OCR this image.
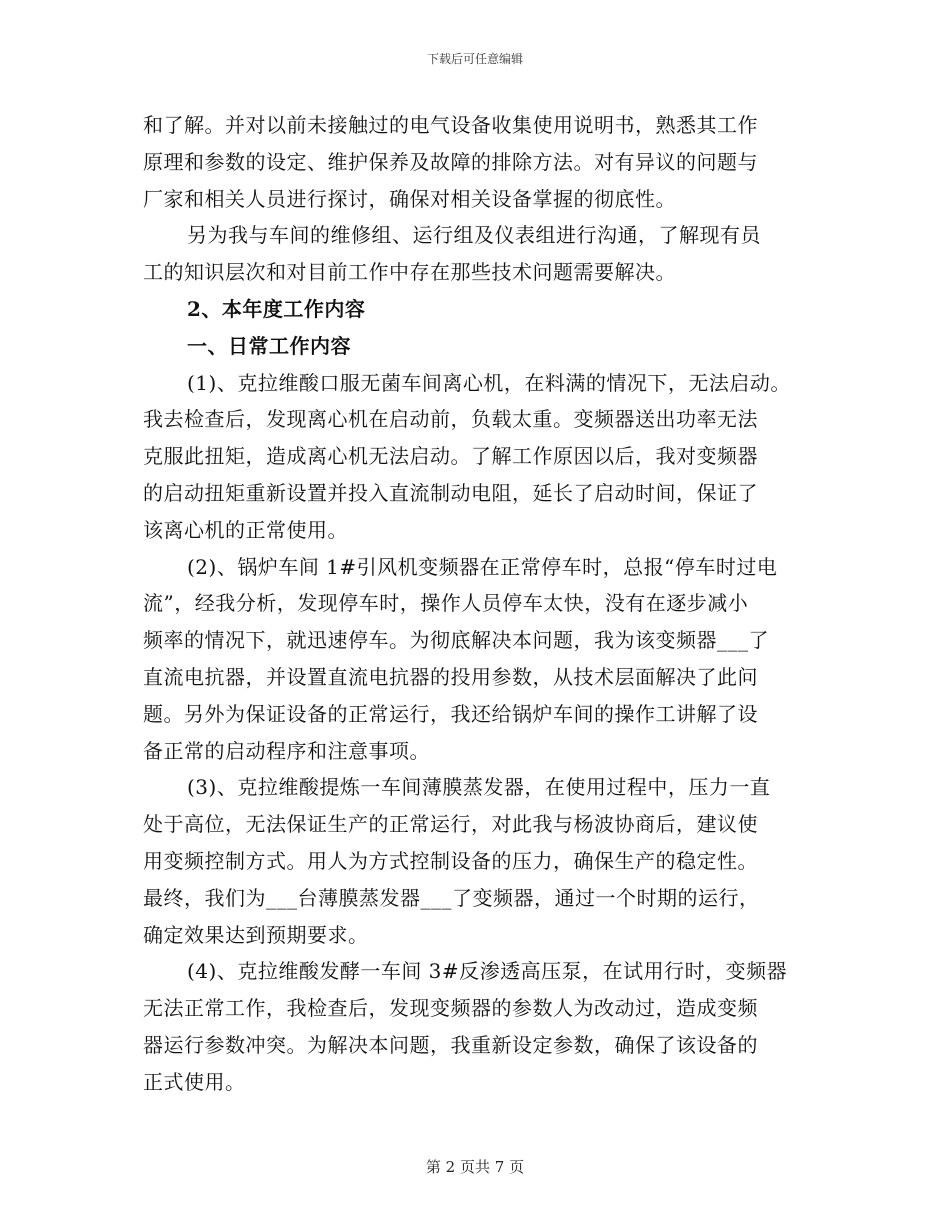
下载后可任意编辑
和了解。并对以前未接触过的电气设备收集使用说明书，熟悉其工作
原理和参数的设定、维护保养及故障的排除方法。对有异议的问题与
厂家和相关人员进行探讨，确保对相关设备掌握的彻底性。
另为我与车间的维修组、运行组及仪表组进行沟通，了解现有员
工的知识层次和对目前工作中存在那些技术问题需要解决。
2、本年度工作内容
一、日常工作内容
(1)、克拉维酸口服无菌车间离心机，在料满的情况下，无法启动。
我去检查后，发现离心机在启动前，负载太重。变频器送出功率无法
克服此扭矩，造成离心机无法启动。了解工作原因以后，我对变频器
的启动扭矩重新设置并投入直流制动电阻，延长了启动时间，保证了
该离心机的正常使用。
(2)、锅炉车间 1#引风机变频器在正常停车时，总报“停车时过电
流”，经我分析，发现停车时，操作人员停车太快，没有在逐步减小
频率的情况下，就迅速停车。为彻底解决本问题，我为该变频器___了
直流电抗器，并设置直流电抗器的投用参数，从技术层面解决了此问
题。另外为保证设备的正常运行，我还给锅炉车间的操作工讲解了设
备正常的启动程序和注意事项。
(3)、克拉维酸提炼一车间薄膜蒸发器，在使用过程中，压力一直
处于高位，无法保证生产的正常运行，对此我与杨波协商后，建议使
用变频控制方式。用人为方式控制设备的压力，确保生产的稳定性。
最终，我们为___台薄膜蒸发器___了变频器，通过一个时期的运行，
确定效果达到预期要求。
(4)、克拉维酸发酵一车间 3#反渗透高压泵，在试用行时，变频器
无法正常工作，我检查后，发现变频器的参数人为改动过，造成变频
器运行参数冲突。为解决本问题，我重新设定参数，确保了该设备的
正式使用。
第 2 页共 7 页
